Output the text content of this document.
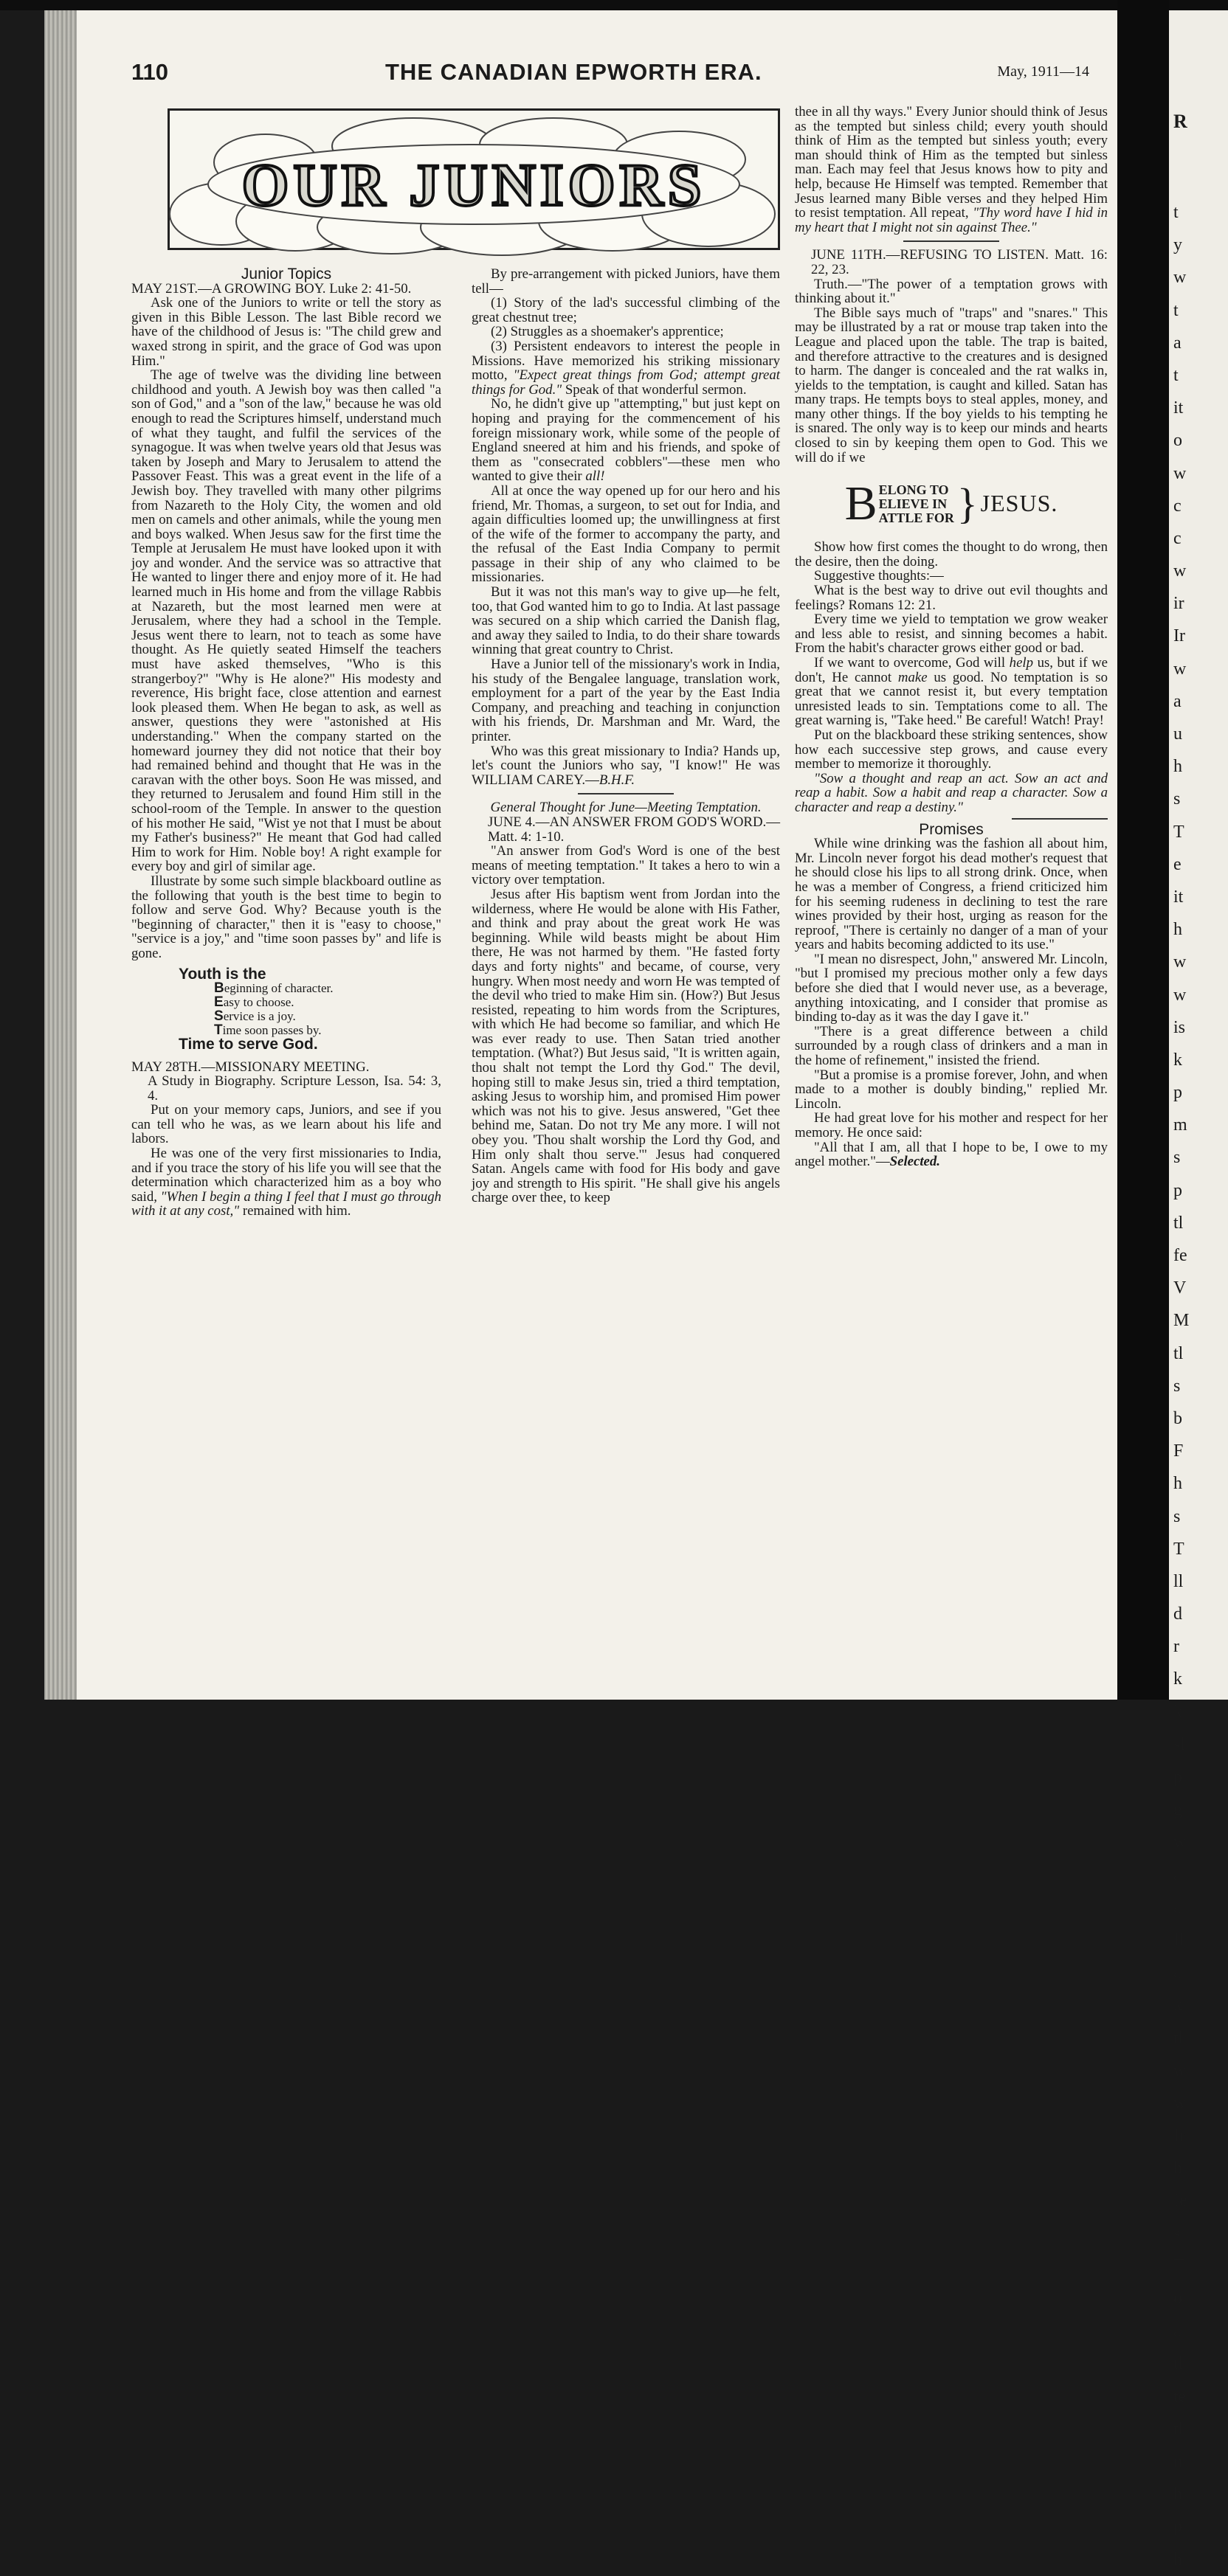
R
t
y
w
t
a
t
it
o
w
c
c
w
ir
Ir
w
a
u
h
s
T
e
it
h
w
w
is
k
p
m
s
p
tl
fe
V
M
tl
s
b
F
h
s
T
ll
d
r
k
k
sl
p
g
w
a
a
Il
a
k
tl
w
w
Ir
h
fe
s
T
o
a
tl
te
tl
n
h
p
h
110	THE CANADIAN EPWORTH ERA.	May, 1911—14
OUR JUNIORS

Junior Topics

MAY 21ST.—A GROWING BOY. Luke 2: 41-50.

Ask one of the Juniors to write or tell the story as given in this Bible Lesson. The last Bible record we have of the childhood of Jesus is: "The child grew and waxed strong in spirit, and the grace of God was upon Him."

The age of twelve was the dividing line between childhood and youth. A Jewish boy was then called "a son of God," and a "son of the law," because he was old enough to read the Scriptures himself, understand much of what they taught, and fulfil the services of the synagogue. It was when twelve years old that Jesus was taken by Joseph and Mary to Jerusalem to attend the Passover Feast. This was a great event in the life of a Jewish boy. They travelled with many other pilgrims from Nazareth to the Holy City, the women and old men on camels and other animals, while the young men and boys walked. When Jesus saw for the first time the Temple at Jerusalem He must have looked upon it with joy and wonder. And the service was so attractive that He wanted to linger there and enjoy more of it. He had learned much in His home and from the village Rabbis at Nazareth, but the most learned men were at Jerusalem, where they had a school in the Temple. Jesus went there to learn, not to teach as some have thought. As He quietly seated Himself the teachers must have asked themselves, "Who is this strangerboy?" "Why is He alone?" His modesty and reverence, His bright face, close attention and earnest look pleased them. When He began to ask, as well as answer, questions they were "astonished at His understanding." When the company started on the homeward journey they did not notice that their boy had remained behind and thought that He was in the caravan with the other boys. Soon He was missed, and they returned to Jerusalem and found Him still in the school-room of the Temple. In answer to the question of his mother He said, "Wist ye not that I must be about my Father's business?" He meant that God had called Him to work for Him. Noble boy! A right example for every boy and girl of similar age.

Illustrate by some such simple blackboard outline as the following that youth is the best time to begin to follow and serve God. Why? Because youth is the "beginning of character," then it is "easy to choose," "service is a joy," and "time soon passes by" and life is gone.

Youth is the
Beginning of character.
Easy to choose.
Service is a joy.
Time soon passes by.
Time to serve God.

MAY 28TH.—MISSIONARY MEETING.
A Study in Biography. Scripture Lesson, Isa. 54: 3, 4.

Put on your memory caps, Juniors, and see if you can tell who he was, as we learn about his life and labors.

He was one of the very first missionaries to India, and if you trace the story of his life you will see that the determination which characterized him as a boy who said, "When I begin a thing I feel that I must go through with it at any cost," remained with him.

By pre-arrangement with picked Juniors, have them tell—

(1) Story of the lad's successful climbing of the great chestnut tree;

(2) Struggles as a shoemaker's apprentice;

(3) Persistent endeavors to interest the people in Missions. Have memorized his striking missionary motto, "Expect great things from God; attempt great things for God." Speak of that wonderful sermon.

No, he didn't give up "attempting," but just kept on hoping and praying for the commencement of his foreign missionary work, while some of the people of England sneered at him and his friends, and spoke of them as "consecrated cobblers"—these men who wanted to give their all!

All at once the way opened up for our hero and his friend, Mr. Thomas, a surgeon, to set out for India, and again difficulties loomed up; the unwillingness at first of the wife of the former to accompany the party, and the refusal of the East India Company to permit passage in their ship of any who claimed to be missionaries.

But it was not this man's way to give up—he felt, too, that God wanted him to go to India. At last passage was secured on a ship which carried the Danish flag, and away they sailed to India, to do their share towards winning that great country to Christ.

Have a Junior tell of the missionary's work in India, his study of the Bengalee language, translation work, employment for a part of the year by the East India Company, and preaching and teaching in conjunction with his friends, Dr. Marshman and Mr. Ward, the printer.

Who was this great missionary to India? Hands up, let's count the Juniors who say, "I know!" He was WILLIAM CAREY.—B.H.F.

General Thought for June—Meeting Temptation.

JUNE 4.—AN ANSWER FROM GOD'S WORD.—Matt. 4: 1-10.

"An answer from God's Word is one of the best means of meeting temptation." It takes a hero to win a victory over temptation.

Jesus after His baptism went from Jordan into the wilderness, where He would be alone with His Father, and think and pray about the great work He was beginning. While wild beasts might be about Him there, He was not harmed by them. "He fasted forty days and forty nights" and became, of course, very hungry. When most needy and worn He was tempted of the devil who tried to make Him sin. (How?) But Jesus resisted, repeating to him words from the Scriptures, with which He had become so familiar, and which He was ever ready to use. Then Satan tried another temptation. (What?) But Jesus said, "It is written again, thou shalt not tempt the Lord thy God." The devil, hoping still to make Jesus sin, tried a third temptation, asking Jesus to worship him, and promised Him power which was not his to give. Jesus answered, "Get thee behind me, Satan. Do not try Me any more. I will not obey you. 'Thou shalt worship the Lord thy God, and Him only shalt thou serve.'" Jesus had conquered Satan. Angels came with food for His body and gave joy and strength to His spirit. "He shall give his angels charge over thee, to keep

thee in all thy ways." Every Junior should think of Jesus as the tempted but sinless child; every youth should think of Him as the tempted but sinless youth; every man should think of Him as the tempted but sinless man. Each may feel that Jesus knows how to pity and help, because He Himself was tempted. Remember that Jesus learned many Bible verses and they helped Him to resist temptation. All repeat, "Thy word have I hid in my heart that I might not sin against Thee."

JUNE 11TH.—REFUSING TO LISTEN. Matt. 16: 22, 23.

Truth.—"The power of a temptation grows with thinking about it."

The Bible says much of "traps" and "snares." This may be illustrated by a rat or mouse trap taken into the League and placed upon the table. The trap is baited, and therefore attractive to the creatures and is designed to harm. The danger is concealed and the rat walks in, yields to the temptation, is caught and killed. Satan has many traps. He tempts boys to steal apples, money, and many other things. If the boy yields to his tempting he is snared. The only way is to keep our minds and hearts closed to sin by keeping them open to God. This we will do if we

B ELONG TO
ELIEVE IN
ATTLE FOR } JESUS.

Show how first comes the thought to do wrong, then the desire, then the doing.

Suggestive thoughts:—

What is the best way to drive out evil thoughts and feelings? Romans 12: 21.

Every time we yield to temptation we grow weaker and less able to resist, and sinning becomes a habit. From the habit's character grows either good or bad.

If we want to overcome, God will help us, but if we don't, He cannot make us good. No temptation is so great that we cannot resist it, but every temptation unresisted leads to sin. Temptations come to all. The great warning is, "Take heed." Be careful! Watch! Pray!

Put on the blackboard these striking sentences, show how each successive step grows, and cause every member to memorize it thoroughly.

"Sow a thought and reap an act. Sow an act and reap a habit. Sow a habit and reap a character. Sow a character and reap a destiny."

Promises

While wine drinking was the fashion all about him, Mr. Lincoln never forgot his dead mother's request that he should close his lips to all strong drink. Once, when he was a member of Congress, a friend criticized him for his seeming rudeness in declining to test the rare wines provided by their host, urging as reason for the reproof, "There is certainly no danger of a man of your years and habits becoming addicted to its use."

"I mean no disrespect, John," answered Mr. Lincoln, "but I promised my precious mother only a few days before she died that I would never use, as a beverage, anything intoxicating, and I consider that promise as binding to-day as it was the day I gave it."

"There is a great difference between a child surrounded by a rough class of drinkers and a man in the home of refinement," insisted the friend.

"But a promise is a promise forever, John, and when made to a mother is doubly binding," replied Mr. Lincoln.

He had great love for his mother and respect for her memory. He once said:

"All that I am, all that I hope to be, I owe to my angel mother."—Selected.
